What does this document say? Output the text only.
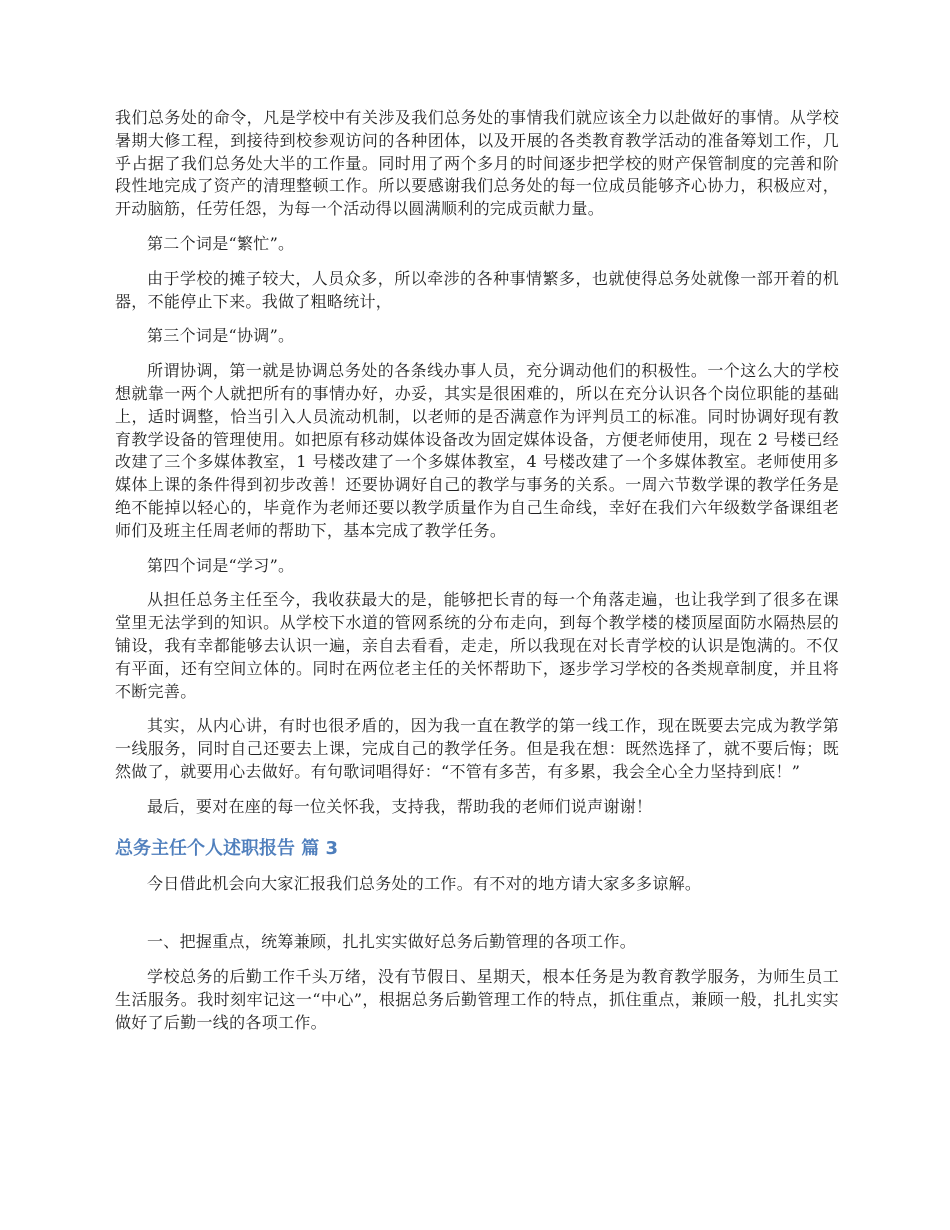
我们总务处的命令，凡是学校中有关涉及我们总务处的事情我们就应该全力以赴做好的事情。从学校暑期大修工程，到接待到校参观访问的各种团体，以及开展的各类教育教学活动的准备筹划工作，几乎占据了我们总务处大半的工作量。同时用了两个多月的时间逐步把学校的财产保管制度的完善和阶段性地完成了资产的清理整顿工作。所以要感谢我们总务处的每一位成员能够齐心协力，积极应对，开动脑筋，任劳任怨，为每一个活动得以圆满顺利的完成贡献力量。

第二个词是“繁忙”。

由于学校的摊子较大，人员众多，所以牵涉的各种事情繁多，也就使得总务处就像一部开着的机器，不能停止下来。我做了粗略统计，

第三个词是“协调”。

所谓协调，第一就是协调总务处的各条线办事人员，充分调动他们的积极性。一个这么大的学校想就靠一两个人就把所有的事情办好，办妥，其实是很困难的，所以在充分认识各个岗位职能的基础上，适时调整，恰当引入人员流动机制，以老师的是否满意作为评判员工的标准。同时协调好现有教育教学设备的管理使用。如把原有移动媒体设备改为固定媒体设备，方便老师使用，现在 2 号楼已经改建了三个多媒体教室，1 号楼改建了一个多媒体教室，4 号楼改建了一个多媒体教室。老师使用多媒体上课的条件得到初步改善！还要协调好自己的教学与事务的关系。一周六节数学课的教学任务是绝不能掉以轻心的，毕竟作为老师还要以教学质量作为自己生命线，幸好在我们六年级数学备课组老师们及班主任周老师的帮助下，基本完成了教学任务。

第四个词是“学习”。

从担任总务主任至今，我收获最大的是，能够把长青的每一个角落走遍，也让我学到了很多在课堂里无法学到的知识。从学校下水道的管网系统的分布走向，到每个教学楼的楼顶屋面防水隔热层的铺设，我有幸都能够去认识一遍，亲自去看看，走走，所以我现在对长青学校的认识是饱满的。不仅有平面，还有空间立体的。同时在两位老主任的关怀帮助下，逐步学习学校的各类规章制度，并且将不断完善。

其实，从内心讲，有时也很矛盾的，因为我一直在教学的第一线工作，现在既要去完成为教学第一线服务，同时自己还要去上课，完成自己的教学任务。但是我在想：既然选择了，就不要后悔；既然做了，就要用心去做好。有句歌词唱得好：“不管有多苦，有多累，我会全心全力坚持到底！”

最后，要对在座的每一位关怀我，支持我，帮助我的老师们说声谢谢！

总务主任个人述职报告 篇 3

今日借此机会向大家汇报我们总务处的工作。有不对的地方请大家多多谅解。

一、把握重点，统筹兼顾，扎扎实实做好总务后勤管理的各项工作。

学校总务的后勤工作千头万绪，没有节假日、星期天，根本任务是为教育教学服务，为师生员工生活服务。我时刻牢记这一“中心”，根据总务后勤管理工作的特点，抓住重点，兼顾一般，扎扎实实做好了后勤一线的各项工作。
